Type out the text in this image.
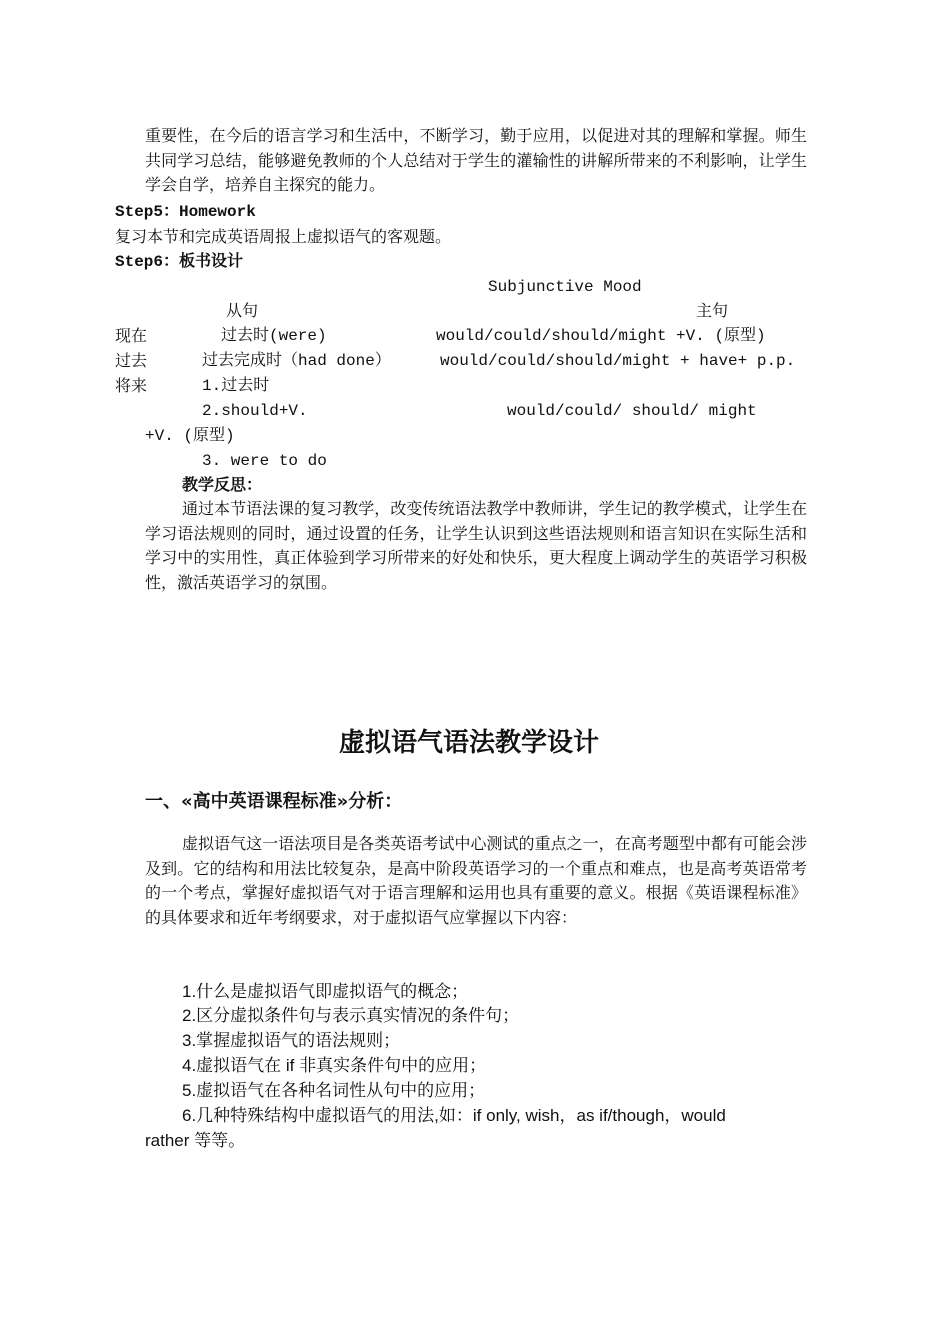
重要性，在今后的语言学习和生活中，不断学习，勤于应用，以促进对其的理解和掌握。师生共同学习总结，能够避免教师的个人总结对于学生的灌输性的讲解所带来的不利影响，让学生学会自学，培养自主探究的能力。
Step5：Homework
复习本节和完成英语周报上虚拟语气的客观题。
Step6：板书设计
Subjunctive Mood
从句	主句
现在	过去时(were)	would/could/should/might +V. (原型)
过去	过去完成时（had done）	would/could/should/might + have+ p.p.
将来	1.过去时
2.should+V.	would/could/ should/ might
+V. (原型)
3. were to do
教学反思：
通过本节语法课的复习教学，改变传统语法教学中教师讲，学生记的教学模式，让学生在学习语法规则的同时，通过设置的任务，让学生认识到这些语法规则和语言知识在实际生活和学习中的实用性，真正体验到学习所带来的好处和快乐，更大程度上调动学生的英语学习积极性，激活英语学习的氛围。
虚拟语气语法教学设计
一、«高中英语课程标准»分析：
虚拟语气这一语法项目是各类英语考试中心测试的重点之一，在高考题型中都有可能会涉及到。它的结构和用法比较复杂，是高中阶段英语学习的一个重点和难点，也是高考英语常考的一个考点，掌握好虚拟语气对于语言理解和运用也具有重要的意义。根据《英语课程标准》的具体要求和近年考纲要求，对于虚拟语气应掌握以下内容：
1.什么是虚拟语气即虚拟语气的概念；
2.区分虚拟条件句与表示真实情况的条件句；
3.掌握虚拟语气的语法规则；
4.虚拟语气在 if 非真实条件句中的应用；
5.虚拟语气在各种名词性从句中的应用；
6.几种特殊结构中虚拟语气的用法,如：if only, wish，as if/though，would
rather 等等。
